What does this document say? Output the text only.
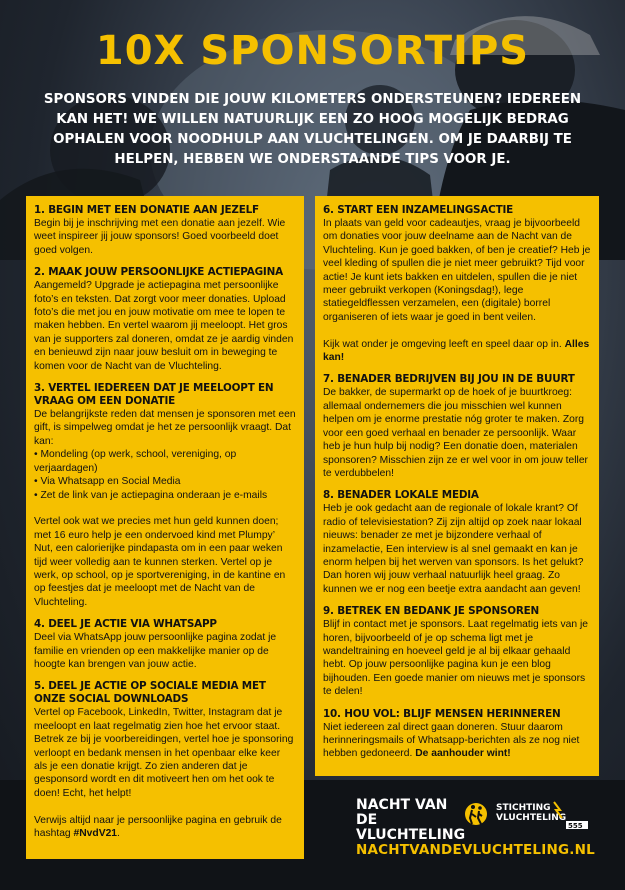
10X SPONSORTIPS

SPONSORS VINDEN DIE JOUW KILOMETERS ONDERSTEUNEN? IEDEREEN KAN HET! WE WILLEN NATUURLIJK EEN ZO HOOG MOGELIJK BEDRAG OPHALEN VOOR NOODHULP AAN VLUCHTELINGEN. OM JE DAARBIJ TE HELPEN, HEBBEN WE ONDERSTAANDE TIPS VOOR JE.

1. BEGIN MET EEN DONATIE AAN JEZELF

Begin bij je inschrijving met een donatie aan jezelf. Wie weet inspireer jij jouw sponsors! Goed voorbeeld doet goed volgen.

2. MAAK JOUW PERSOONLIJKE ACTIEPAGINA

Aangemeld? Upgrade je actiepagina met persoonlijke foto’s en teksten. Dat zorgt voor meer donaties. Upload foto’s die met jou en jouw motivatie om mee te lopen te maken hebben. En vertel waarom jij meeloopt. Het gros van je supporters zal doneren, omdat ze je aardig vinden en benieuwd zijn naar jouw besluit om in beweging te komen voor de Nacht van de Vluchteling.

3. VERTEL IEDEREEN DAT JE MEELOOPT EN VRAAG OM EEN DONATIE

De belangrijkste reden dat mensen je sponsoren met een gift, is simpelweg omdat je het ze persoonlijk vraagt. Dat kan:
• Mondeling (op werk, school, vereniging, op verjaardagen)
• Via Whatsapp en Social Media
• Zet de link van je actiepagina onderaan je e-mails

Vertel ook wat we precies met hun geld kunnen doen; met 16 euro help je een ondervoed kind met Plumpy’ Nut, een calorierijke pindapasta om in een paar weken tijd weer volledig aan te kunnen sterken. Vertel op je werk, op school, op je sportvereniging, in de kantine en op feestjes dat je meeloopt met de Nacht van de Vluchteling.

4. DEEL JE ACTIE VIA WHATSAPP

Deel via WhatsApp jouw persoonlijke pagina zodat je familie en vrienden op een makkelijke manier op de hoogte kan brengen van jouw actie.

5. DEEL JE ACTIE OP SOCIALE MEDIA MET ONZE SOCIAL DOWNLOADS

Vertel op Facebook, LinkedIn, Twitter, Instagram dat je meeloopt en laat regelmatig zien hoe het ervoor staat. Betrek ze bij je voorbereidingen, vertel hoe je sponsoring verloopt en bedank mensen in het openbaar elke keer als je een donatie krijgt. Zo zien anderen dat je gesponsord wordt en dit motiveert hen om het ook te doen! Echt, het helpt!

Verwijs altijd naar je persoonlijke pagina en gebruik de hashtag #NvdV21.

6. START EEN INZAMELINGSACTIE

In plaats van geld voor cadeautjes, vraag je bijvoorbeeld om donaties voor jouw deelname aan de Nacht van de Vluchteling. Kun je goed bakken, of ben je creatief? Heb je veel kleding of spullen die je niet meer gebruikt? Tijd voor actie! Je kunt iets bakken en uitdelen, spullen die je niet meer gebruikt verkopen (Koningsdag!), lege statiegeldflessen verzamelen, een (digitale) borrel organiseren of iets waar je goed in bent veilen.

Kijk wat onder je omgeving leeft en speel daar op in. Alles kan!

7. BENADER BEDRIJVEN BIJ JOU IN DE BUURT

De bakker, de supermarkt op de hoek of je buurtkroeg: allemaal ondernemers die jou misschien wel kunnen helpen om je enorme prestatie nóg groter te maken. Zorg voor een goed verhaal en benader ze persoonlijk. Waar heb je hun hulp bij nodig? Een donatie doen, materialen sponsoren? Misschien zijn ze er wel voor in om jouw teller te verdubbelen!

8. BENADER LOKALE MEDIA

Heb je ook gedacht aan de regionale of lokale krant? Of radio of televisiestation? Zij zijn altijd op zoek naar lokaal nieuws: benader ze met je bijzondere verhaal of inzamelactie, Een interview is al snel gemaakt en kan je enorm helpen bij het werven van sponsors. Is het gelukt? Dan horen wij jouw verhaal natuurlijk heel graag. Zo kunnen we er nog een beetje extra aandacht aan geven!

9. BETREK EN BEDANK JE SPONSOREN

Blijf in contact met je sponsors. Laat regelmatig iets van je horen, bijvoorbeeld of je op schema ligt met je wandeltraining en hoeveel geld je al bij elkaar gehaald hebt. Op jouw persoonlijke pagina kun je een blog bijhouden. Een goede manier om nieuws met je sponsors te delen!

10. HOU VOL: BLIJF MENSEN HERINNEREN

Niet iedereen zal direct gaan doneren. Stuur daarom herinneringsmails of Whatsapp-berichten als ze nog niet hebben gedoneerd. De aanhouder wint!

NACHT VAN DE
VLUCHTELING
STICHTING
VLUCHTELING
555
NACHTVANDEVLUCHTELING.NL
